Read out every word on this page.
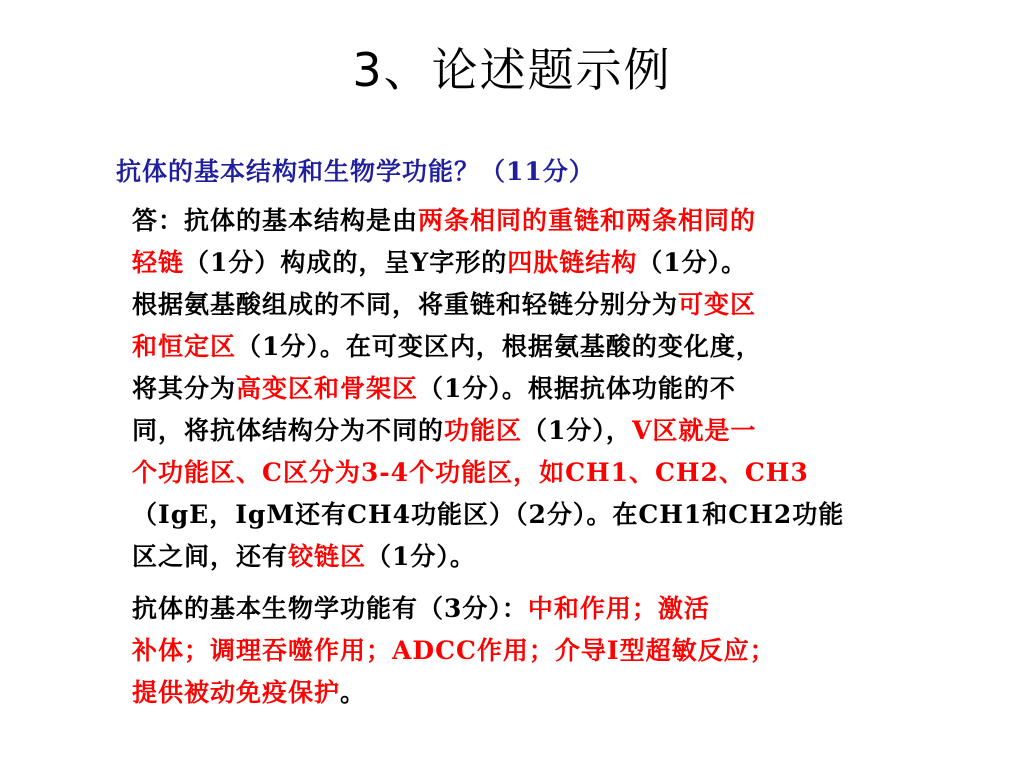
3、论述题示例
抗体的基本结构和生物学功能？（11分）
答：抗体的基本结构是由两条相同的重链和两条相同的
轻链（1分）构成的，呈Y字形的四肽链结构（1分）。
根据氨基酸组成的不同，将重链和轻链分别分为可变区
和恒定区（1分）。在可变区内，根据氨基酸的变化度，
将其分为高变区和骨架区（1分）。根据抗体功能的不
同，将抗体结构分为不同的功能区（1分），V区就是一
个功能区、C区分为3-4个功能区，如CH1、CH2、CH3
（IgE，IgM还有CH4功能区）（2分）。在CH1和CH2功能
区之间，还有铰链区（1分）。
抗体的基本生物学功能有（3分）：中和作用；激活
补体；调理吞噬作用；ADCC作用；介导I型超敏反应；
提供被动免疫保护。
